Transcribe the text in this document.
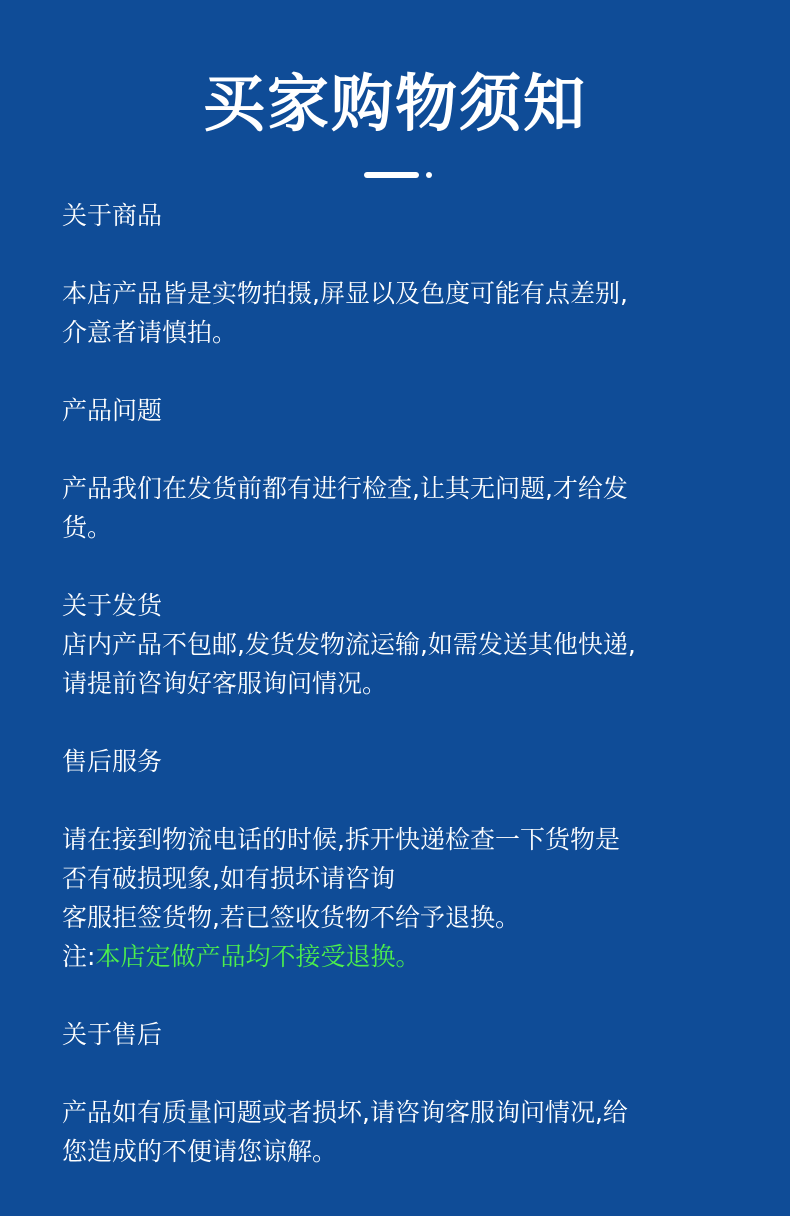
买家购物须知
关于商品
本店产品皆是实物拍摄,屏显以及色度可能有点差别,
介意者请慎拍。
产品问题
产品我们在发货前都有进行检查,让其无问题,才给发
货。
关于发货
店内产品不包邮,发货发物流运输,如需发送其他快递,
请提前咨询好客服询问情况。
售后服务
请在接到物流电话的时候,拆开快递检查一下货物是
否有破损现象,如有损坏请咨询
客服拒签货物,若已签收货物不给予退换。
注:本店定做产品均不接受退换。
关于售后
产品如有质量问题或者损坏,请咨询客服询问情况,给
您造成的不便请您谅解。
